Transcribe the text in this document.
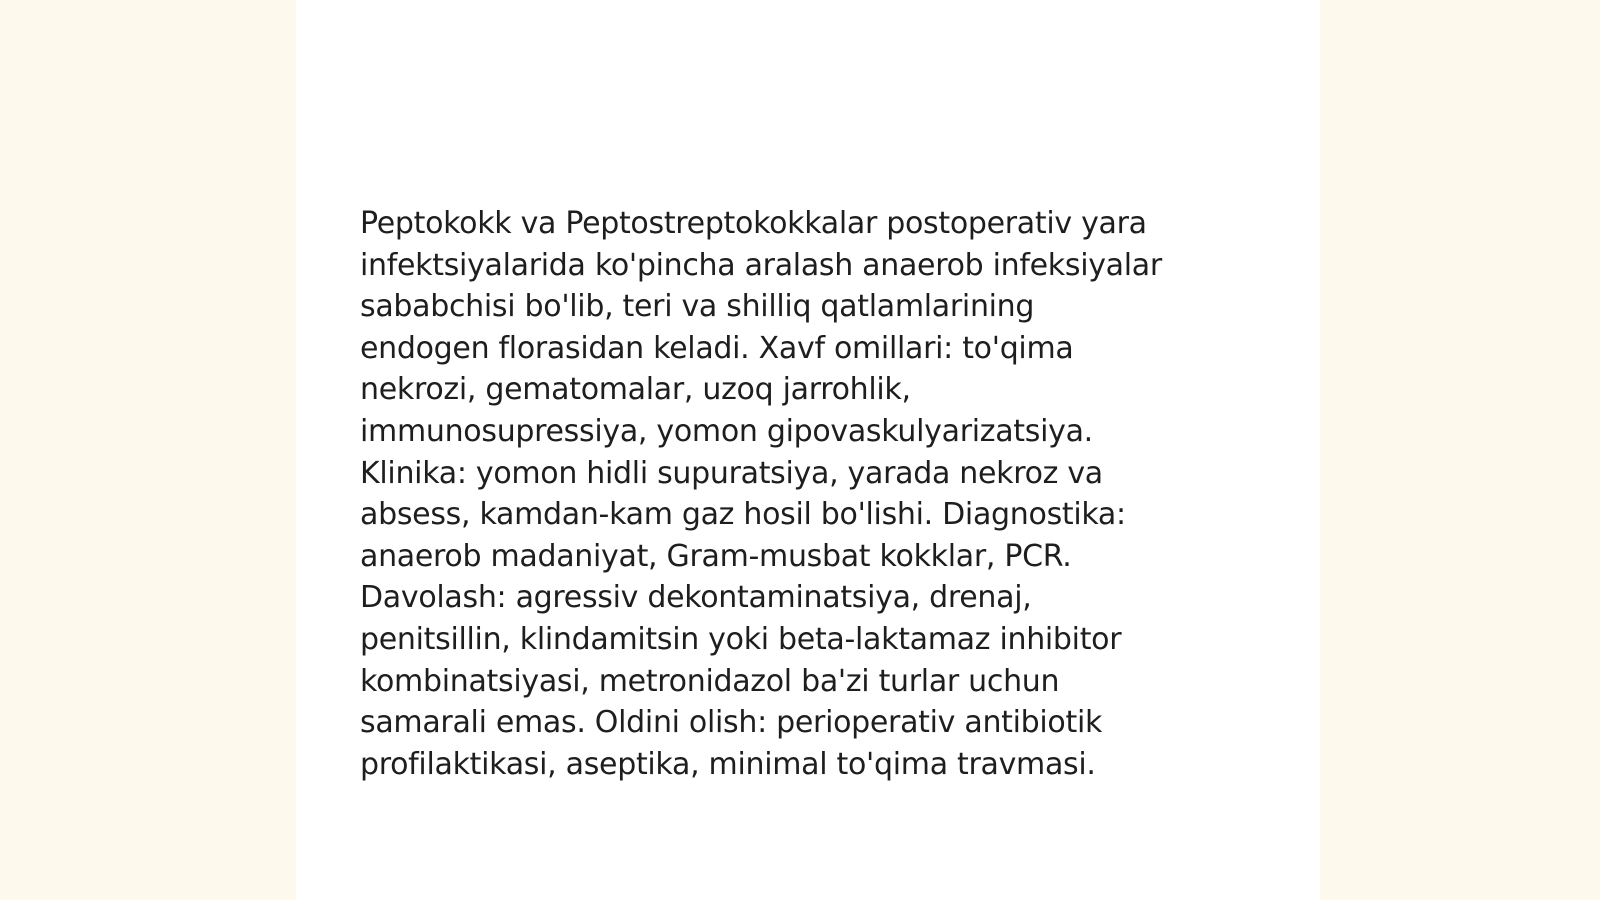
Peptokokk va Peptostreptokokkalar postoperativ yara
infektsiyalarida ko'pincha aralash anaerob infeksiyalar
sababchisi bo'lib, teri va shilliq qatlamlarining
endogen florasidan keladi. Xavf omillari: to'qima
nekrozi, gematomalar, uzoq jarrohlik,
immunosupressiya, yomon gipovaskulyarizatsiya.
Klinika: yomon hidli supuratsiya, yarada nekroz va
absess, kamdan-kam gaz hosil bo'lishi. Diagnostika:
anaerob madaniyat, Gram-musbat kokklar, PCR.
Davolash: agressiv dekontaminatsiya, drenaj,
penitsillin, klindamitsin yoki beta-laktamaz inhibitor
kombinatsiyasi, metronidazol ba'zi turlar uchun
samarali emas. Oldini olish: perioperativ antibiotik
profilaktikasi, aseptika, minimal to'qima travmasi.
